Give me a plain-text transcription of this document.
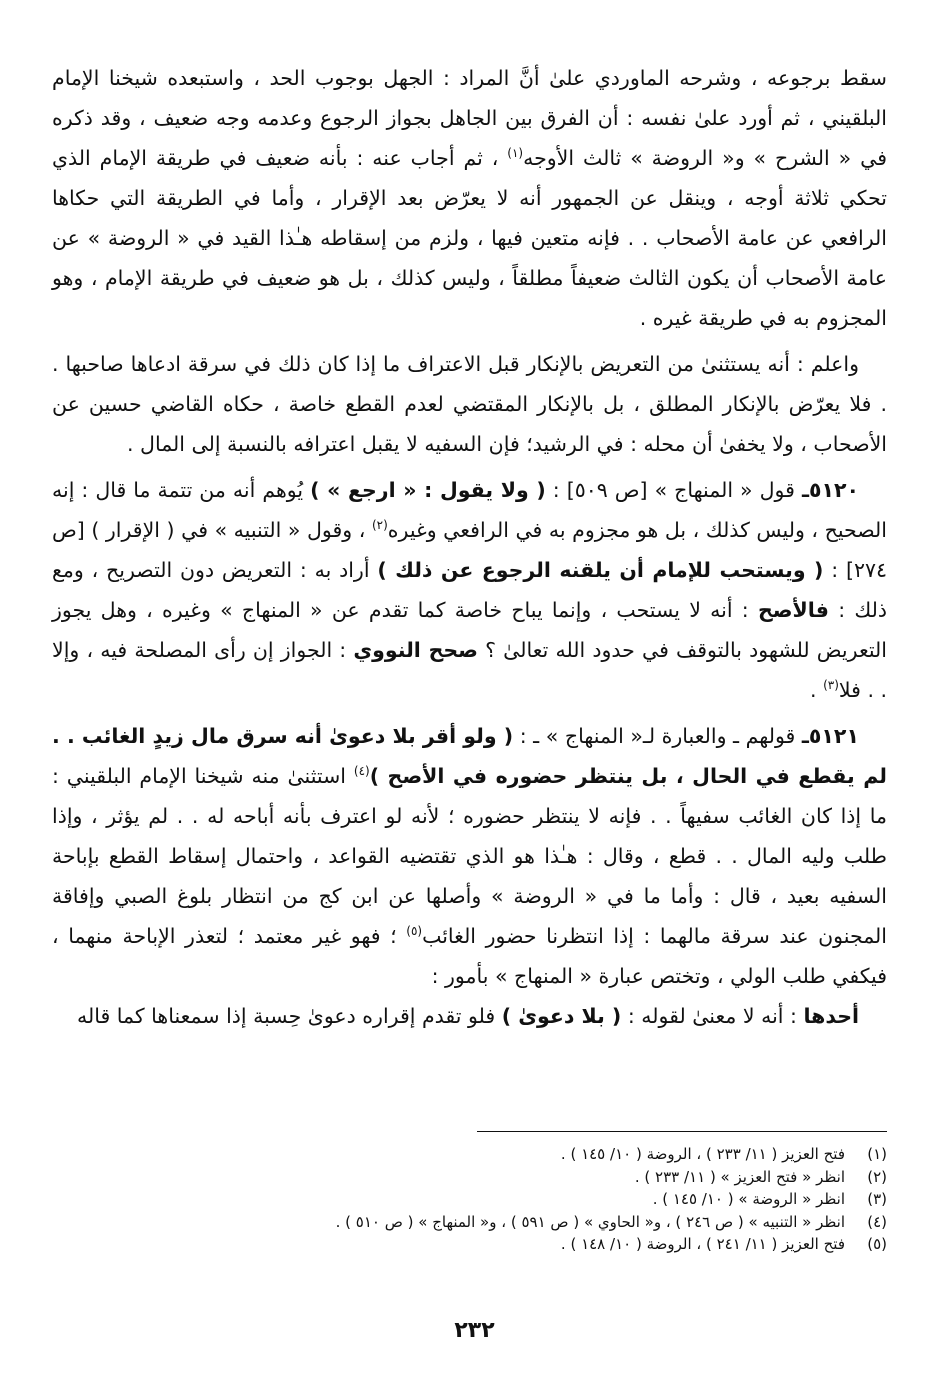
سقط برجوعه ، وشرحه الماوردي علىٰ أنَّ المراد : الجهل بوجوب الحد ، واستبعده شيخنا الإمام البلقيني ، ثم أورد علىٰ نفسه : أن الفرق بين الجاهل بجواز الرجوع وعدمه وجه ضعيف ، وقد ذكره في « الشرح » و« الروضة » ثالث الأوجه$^{(١)}$ ، ثم أجاب عنه : بأنه ضعيف في طريقة الإمام الذي تحكي ثلاثة أوجه ، وينقل عن الجمهور أنه لا يعرّض بعد الإقرار ، وأما في الطريقة التي حكاها الرافعي عن عامة الأصحاب . . فإنه متعين فيها ، ولزم من إسقاطه هـٰذا القيد في « الروضة » عن عامة الأصحاب أن يكون الثالث ضعيفاً مطلقاً ، وليس كذلك ، بل هو ضعيف في طريقة الإمام ، وهو المجزوم به في طريقة غيره .

واعلم : أنه يستثنىٰ من التعريض بالإنكار قبل الاعتراف ما إذا كان ذلك في سرقة ادعاها صاحبها . . فلا يعرّض بالإنكار المطلق ، بل بالإنكار المقتضي لعدم القطع خاصة ، حكاه القاضي حسين عن الأصحاب ، ولا يخفىٰ أن محله : في الرشيد؛ فإن السفيه لا يقبل اعترافه بالنسبة إلى المال .

٥١٢٠ـ قول « المنهاج » [ص ٥٠٩] : ( ولا يقول : « ارجع » ) يُوهم أنه من تتمة ما قال : إنه الصحيح ، وليس كذلك ، بل هو مجزوم به في الرافعي وغيره$^{(٢)}$ ، وقول « التنبيه » في ( الإقرار ) [ص ٢٧٤] : ( ويستحب للإمام أن يلقنه الرجوع عن ذلك ) أراد به : التعريض دون التصريح ، ومع ذلك : فالأصح : أنه لا يستحب ، وإنما يباح خاصة كما تقدم عن « المنهاج » وغيره ، وهل يجوز التعريض للشهود بالتوقف في حدود الله تعالىٰ ؟ صحح النووي : الجواز إن رأى المصلحة فيه ، وإلا . . فلا$^{(٣)}$ .

٥١٢١ـ قولهم ـ والعبارة لـ« المنهاج » ـ : ( ولو أقر بلا دعوىٰ أنه سرق مال زيدٍ الغائب . . لم يقطع في الحال ، بل ينتظر حضوره في الأصح )$^{(٤)}$ استثنىٰ منه شيخنا الإمام البلقيني : ما إذا كان الغائب سفيهاً . . فإنه لا ينتظر حضوره ؛ لأنه لو اعترف بأنه أباحه له . . لم يؤثر ، وإذا طلب وليه المال . . قطع ، وقال : هـٰذا هو الذي تقتضيه القواعد ، واحتمال إسقاط القطع بإباحة السفيه بعيد ، قال : وأما ما في « الروضة » وأصلها عن ابن كج من انتظار بلوغ الصبي وإفاقة المجنون عند سرقة مالهما : إذا انتظرنا حضور الغائب$^{(٥)}$ ؛ فهو غير معتمد ؛ لتعذر الإباحة منهما ، فيكفي طلب الولي ، وتختص عبارة « المنهاج » بأمور :

أحدها : أنه لا معنىٰ لقوله : ( بلا دعوىٰ ) فلو تقدم إقراره دعوىٰ حِسبة إذا سمعناها كما قاله

(١)
فتح العزيز ( ١١/ ٢٣٣ ) ، الروضة ( ١٠/ ١٤٥ ) .
(٢)
انظر « فتح العزيز » ( ١١/ ٢٣٣ ) .
(٣)
انظر « الروضة » ( ١٠/ ١٤٥ ) .
(٤)
انظر « التنبيه » ( ص ٢٤٦ ) ، و« الحاوي » ( ص ٥٩١ ) ، و« المنهاج » ( ص ٥١٠ ) .
(٥)
فتح العزيز ( ١١/ ٢٤١ ) ، الروضة ( ١٠/ ١٤٨ ) .
٢٣٢
